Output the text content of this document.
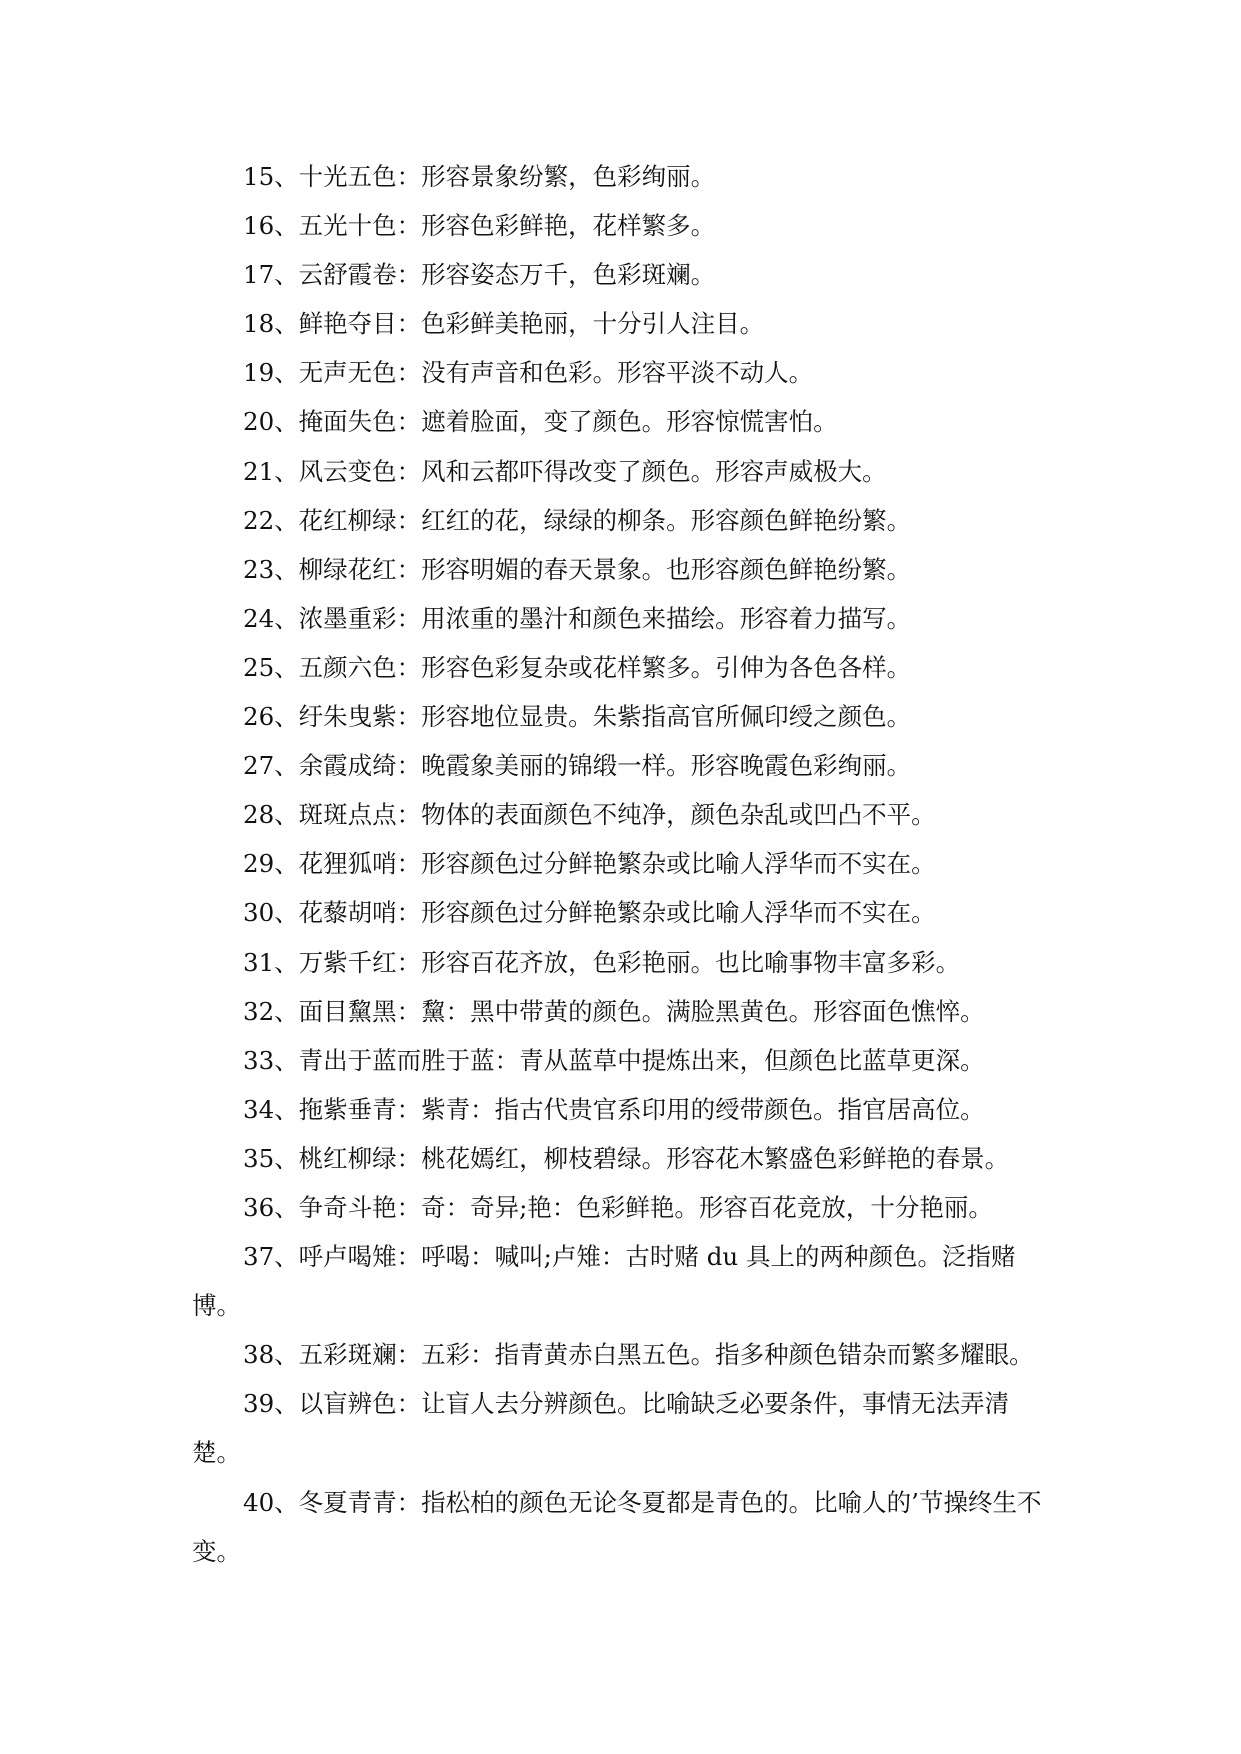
15、十光五色：形容景象纷繁，色彩绚丽。
16、五光十色：形容色彩鲜艳，花样繁多。
17、云舒霞卷：形容姿态万千，色彩斑斓。
18、鲜艳夺目：色彩鲜美艳丽，十分引人注目。
19、无声无色：没有声音和色彩。形容平淡不动人。
20、掩面失色：遮着脸面，变了颜色。形容惊慌害怕。
21、风云变色：风和云都吓得改变了颜色。形容声威极大。
22、花红柳绿：红红的花，绿绿的柳条。形容颜色鲜艳纷繁。
23、柳绿花红：形容明媚的春天景象。也形容颜色鲜艳纷繁。
24、浓墨重彩：用浓重的墨汁和颜色来描绘。形容着力描写。
25、五颜六色：形容色彩复杂或花样繁多。引伸为各色各样。
26、纡朱曳紫：形容地位显贵。朱紫指高官所佩印绶之颜色。
27、余霞成绮：晚霞象美丽的锦缎一样。形容晚霞色彩绚丽。
28、斑斑点点：物体的表面颜色不纯净，颜色杂乱或凹凸不平。
29、花狸狐哨：形容颜色过分鲜艳繁杂或比喻人浮华而不实在。
30、花藜胡哨：形容颜色过分鲜艳繁杂或比喻人浮华而不实在。
31、万紫千红：形容百花齐放，色彩艳丽。也比喻事物丰富多彩。
32、面目黧黑：黧：黑中带黄的颜色。满脸黑黄色。形容面色憔悴。
33、青出于蓝而胜于蓝：青从蓝草中提炼出来，但颜色比蓝草更深。
34、拖紫垂青：紫青：指古代贵官系印用的绶带颜色。指官居高位。
35、桃红柳绿：桃花嫣红，柳枝碧绿。形容花木繁盛色彩鲜艳的春景。
36、争奇斗艳：奇：奇异;艳：色彩鲜艳。形容百花竞放，十分艳丽。
37、呼卢喝雉：呼喝：喊叫;卢雉：古时赌 du 具上的两种颜色。泛指赌
博。
38、五彩斑斓：五彩：指青黄赤白黑五色。指多种颜色错杂而繁多耀眼。
39、以盲辨色：让盲人去分辨颜色。比喻缺乏必要条件，事情无法弄清
楚。
40、冬夏青青：指松柏的颜色无论冬夏都是青色的。比喻人的’节操终生不
变。
